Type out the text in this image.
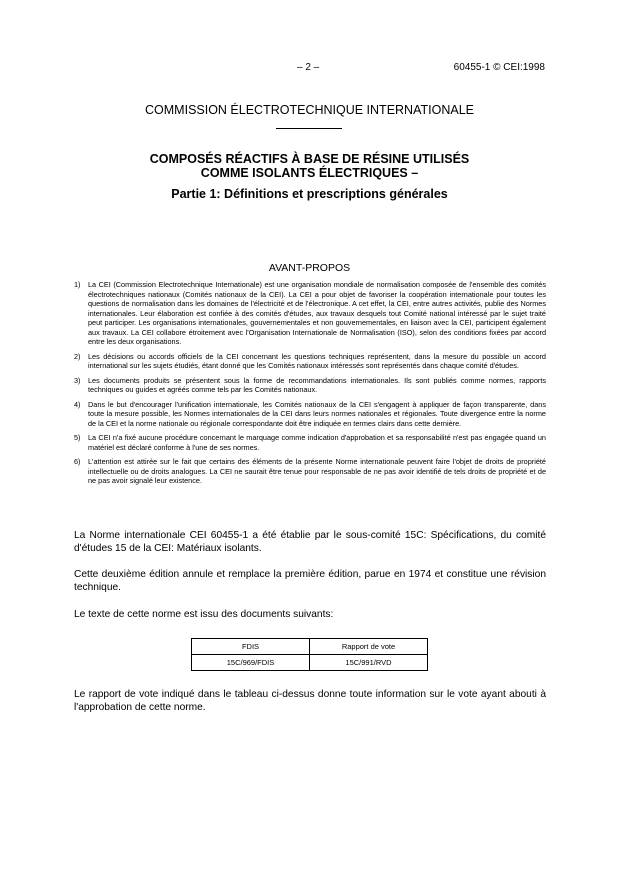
– 2 –	60455-1 © CEI:1998
COMMISSION ÉLECTROTECHNIQUE INTERNATIONALE
COMPOSÉS RÉACTIFS À BASE DE RÉSINE UTILISÉS
COMME ISOLANTS ÉLECTRIQUES –
Partie 1: Définitions et prescriptions générales
AVANT-PROPOS
1)	La CEI (Commission Electrotechnique Internationale) est une organisation mondiale de normalisation composée de l'ensemble des comités électrotechniques nationaux (Comités nationaux de la CEI). La CEI a pour objet de favoriser la coopération internationale pour toutes les questions de normalisation dans les domaines de l'électricité et de l'électronique. A cet effet, la CEI, entre autres activités, publie des Normes internationales. Leur élaboration est confiée à des comités d'études, aux travaux desquels tout Comité national intéressé par le sujet traité peut participer. Les organisations internationales, gouvernementales et non gouvernementales, en liaison avec la CEI, participent également aux travaux. La CEI collabore étroitement avec l'Organisation Internationale de Normalisation (ISO), selon des conditions fixées par accord entre les deux organisations.
2)	Les décisions ou accords officiels de la CEI concernant les questions techniques représentent, dans la mesure du possible un accord international sur les sujets étudiés, étant donné que les Comités nationaux intéressés sont représentés dans chaque comité d'études.
3)	Les documents produits se présentent sous la forme de recommandations internationales. Ils sont publiés comme normes, rapports techniques ou guides et agréés comme tels par les Comités nationaux.
4)	Dans le but d'encourager l'unification internationale, les Comités nationaux de la CEI s'engagent à appliquer de façon transparente, dans toute la mesure possible, les Normes internationales de la CEI dans leurs normes nationales et régionales. Toute divergence entre la norme de la CEI et la norme nationale ou régionale correspondante doit être indiquée en termes clairs dans cette dernière.
5)	La CEI n'a fixé aucune procédure concernant le marquage comme indication d'approbation et sa responsabilité n'est pas engagée quand un matériel est déclaré conforme à l'une de ses normes.
6)	L'attention est attirée sur le fait que certains des éléments de la présente Norme internationale peuvent faire l'objet de droits de propriété intellectuelle ou de droits analogues. La CEI ne saurait être tenue pour responsable de ne pas avoir identifié de tels droits de propriété et de ne pas avoir signalé leur existence.
La Norme internationale CEI 60455-1 a été établie par le sous-comité 15C: Spécifications, du comité d'études 15 de la CEI: Matériaux isolants.
Cette deuxième édition annule et remplace la première édition, parue en 1974 et constitue une révision technique.
Le texte de cette norme est issu des documents suivants:
FDIS	Rapport de vote
15C/969/FDIS	15C/991/RVD
Le rapport de vote indiqué dans le tableau ci-dessus donne toute information sur le vote ayant abouti à l'approbation de cette norme.
